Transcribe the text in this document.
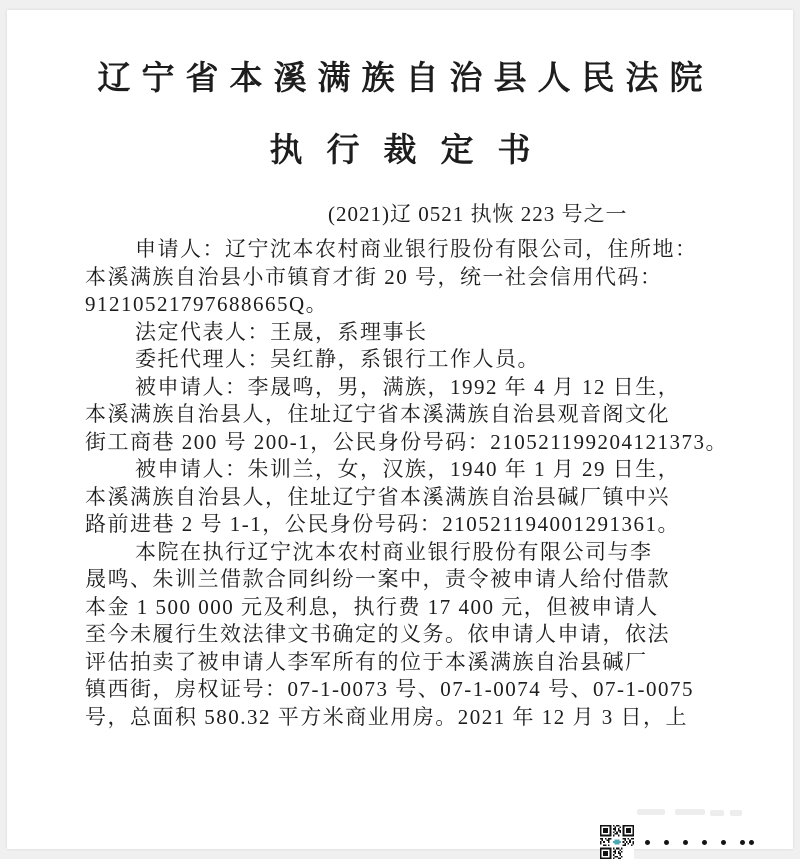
辽宁省本溪满族自治县人民法院
执行裁定书
(2021)辽 0521 执恢 223 号之一
申请人：辽宁沈本农村商业银行股份有限公司，住所地：
本溪满族自治县小市镇育才街 20 号，统一社会信用代码：
91210521797688665Q。
法定代表人：王晟，系理事长
委托代理人：吴红静，系银行工作人员。
被申请人：李晟鸣，男，满族，1992 年 4 月 12 日生，
本溪满族自治县人，住址辽宁省本溪满族自治县观音阁文化
街工商巷 200 号 200-1，公民身份号码：210521199204121373。
被申请人：朱训兰，女，汉族，1940 年 1 月 29 日生，
本溪满族自治县人，住址辽宁省本溪满族自治县碱厂镇中兴
路前进巷 2 号 1-1，公民身份号码：210521194001291361。
本院在执行辽宁沈本农村商业银行股份有限公司与李
晟鸣、朱训兰借款合同纠纷一案中，责令被申请人给付借款
本金 1 500 000 元及利息，执行费 17 400 元，但被申请人
至今未履行生效法律文书确定的义务。依申请人申请，依法
评估拍卖了被申请人李军所有的位于本溪满族自治县碱厂
镇西街，房权证号：07-1-0073 号、07-1-0074 号、07-1-0075
号，总面积 580.32 平方米商业用房。2021 年 12 月 3 日，上
